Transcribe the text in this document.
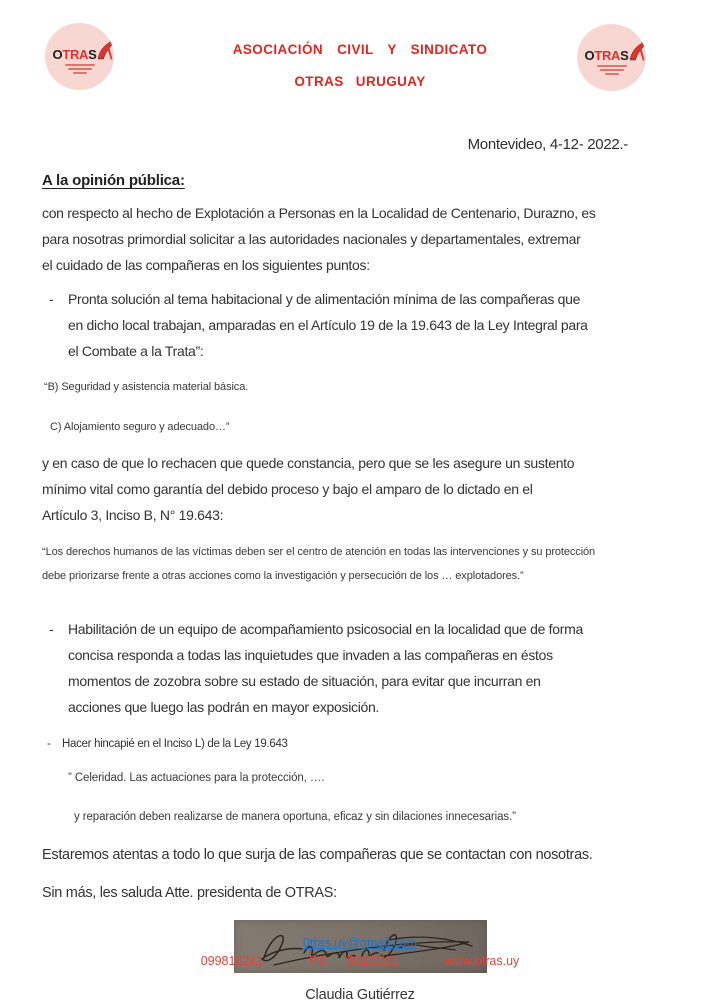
OTRAS	OTRAS
ASOCIACIÓN CIVIL Y SINDICATO
OTRAS URUGUAY
Montevideo, 4-12- 2022.-
A la opinión pública:
con respecto al hecho de Explotación a Personas en la Localidad de Centenario, Durazno, es
para nosotras primordial solicitar a las autoridades nacionales y departamentales, extremar
el cuidado de las compañeras en los siguientes puntos:
-	Pronta solución al tema habitacional y de alimentación mínima de las compañeras que
en dicho local trabajan, amparadas en el Artículo 19 de la 19.643 de la Ley Integral para
el Combate a la Trata”:
“B) Seguridad y asistencia material básica.
C) Alojamiento seguro y adecuado…”
y en caso de que lo rechacen que quede constancia, pero que se les asegure un sustento
mínimo vital como garantía del debido proceso y bajo el amparo de lo dictado en el
Artículo 3, Inciso B, N° 19.643:
“Los derechos humanos de las víctimas deben ser el centro de atención en todas las intervenciones y su protección
debe priorizarse frente a otras acciones como la investigación y persecución de los … explotadores.”
-	Habilitación de un equipo de acompañamiento psicosocial en la localidad que de forma
concisa responda a todas las inquietudes que invaden a las compañeras en éstos
momentos de zozobra sobre su estado de situación, para evitar que incurran en
acciones que luego las podrán en mayor exposición.
- Hacer hincapié en el Inciso L) de la Ley 19.643
” Celeridad. Las actuaciones para la protección, ….
y reparación deben realizarse de manera oportuna, eficaz y sin dilaciones innecesarias.”
Estaremos atentas a todo lo que surja de las compañeras que se contactan con nosotras.
Sin más, les saluda Atte. presidenta de OTRAS:
Claudia Gutiérrez
0tras.uy@gmail.com
099816241	PJ.: 581/2021	www.otras.uy
